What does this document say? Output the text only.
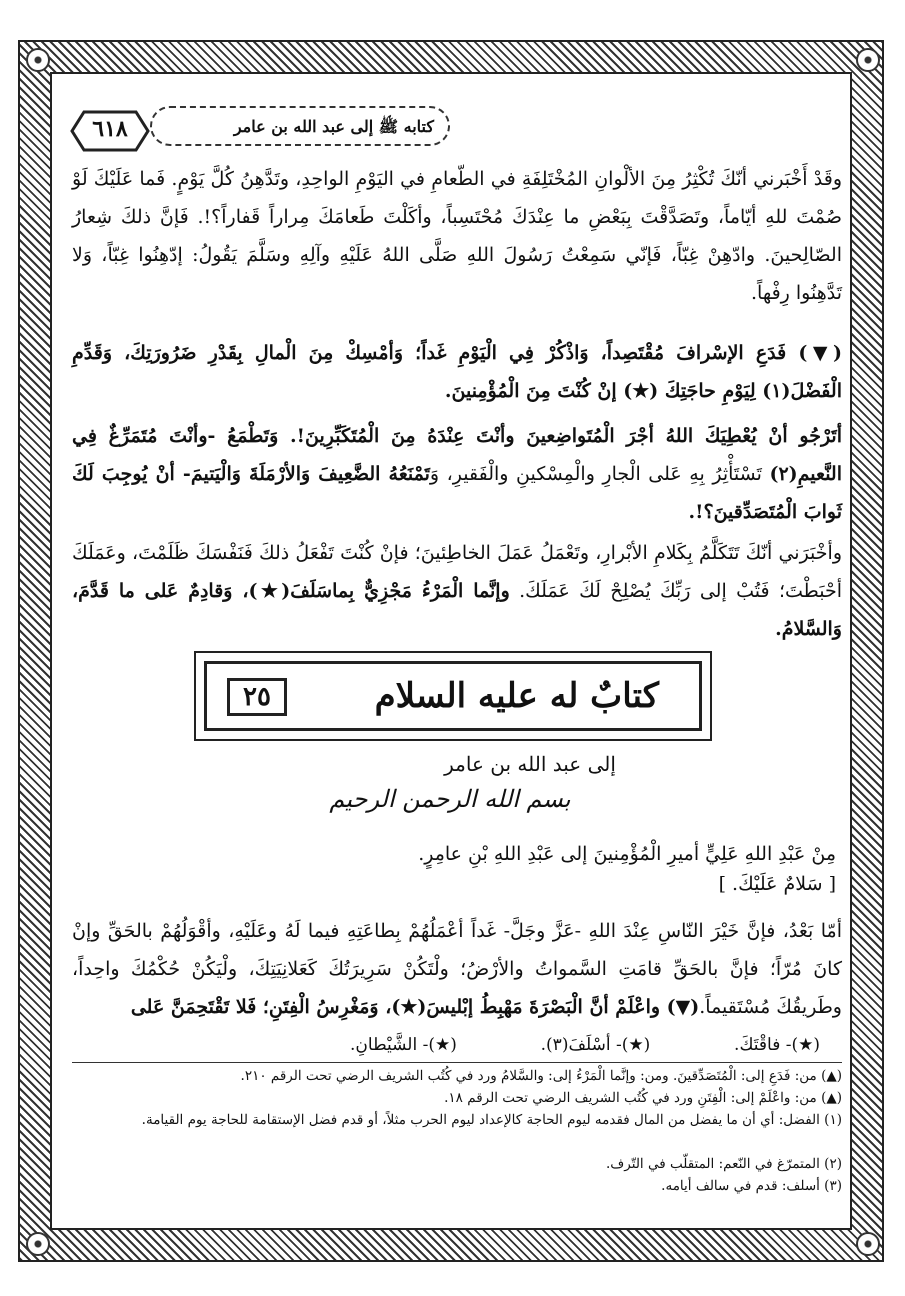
٦١٨	كتابه ﷺ إلى عبد الله بن عامر

وقَدْ أَخْبَرني أنّكَ تُكْثِرُ مِنَ الألْوانِ المُخْتَلِفَةِ في الطّعامِ في اليَوْمِ الواحِدِ، وتَدَّهِنُ كُلَّ يَوْمٍ. فَما عَلَيْكَ لَوْ صُمْتَ للهِ أيّاماً، وتَصَدَّقْتَ بِبَعْضِ ما عِنْدَكَ مُحْتَسِباً، وأكَلْتَ طَعامَكَ مِراراً قَفاراً؟!. فَإنَّ ذلكَ شِعارُ الصّالِحينَ. وادّهِنْ غِبّاً، فَإنّي سَمِعْتُ رَسُولَ اللهِ صَلَّى اللهُ عَلَيْهِ وآلِهِ وسَلَّمَ يَقُولُ: إدّهِنُوا غِبّاً، وَلا تَدَّهِنُوا رِفْهاً.

(▼) فَدَعِ الإسْرافَ مُقْتَصِداً، وَاذْكُرْ فِي الْيَوْمِ غَداً؛ وَأمْسِكْ مِنَ الْمالِ بِقَدْرِ ضَرُورَتِكَ، وَقَدِّمِ الْفَضْلَ(١) لِيَوْمِ حاجَتِكَ (★) إنْ كُنْتَ مِنَ الْمُؤْمِنينَ.

أتَرْجُو أنْ يُعْطِيَكَ اللهُ أجْرَ الْمُتَواضِعينَ وأنْتَ عِنْدَهُ مِنَ الْمُتَكَبِّرِينَ!. وَتَطْمَعُ -وأنْتَ مُتَمَرِّغٌ فِي النَّعيمِ(٢) تَسْتَأْثِرُ بِهِ عَلى الْجارِ والْمِسْكينِ والْفَقيرِ، وَتَمْنَعُهُ الضَّعِيفَ وَالأرْمَلَةَ وَالْيَتيمَ- أنْ يُوجِبَ لَكَ ثَوابَ الْمُتَصَدِّقينَ؟!.

وأخْبَرَني أنّكَ تَتَكَلَّمُ بِكَلامِ الأبْرارِ، وتَعْمَلُ عَمَلَ الخاطِئينَ؛ فإنْ كُنْتَ تَفْعَلُ ذلكَ فَنَفْسَكَ ظَلَمْتَ، وعَمَلَكَ أحْبَطْتَ؛ فَتُبْ إلى رَبِّكَ يُصْلِحْ لَكَ عَمَلَكَ. وإنَّما الْمَرْءُ مَجْزِيٌّ بِماسَلَفَ(★)، وَقادِمٌ عَلى ما قَدَّمَ، وَالسَّلامُ.

كتابٌ له عليه السلام
٢٥
إلى عبد الله بن عامر
بسم الله الرحمن الرحيم

مِنْ عَبْدِ اللهِ عَلِيٍّ أميرِ الْمُؤْمِنينَ إلى عَبْدِ اللهِ بْنِ عامِرٍ.

[ سَلامٌ عَلَيْكَ. ]

أمّا بَعْدُ، فإنَّ خَيْرَ النّاسِ عِنْدَ اللهِ -عَزَّ وجَلَّ- غَداً أعْمَلُهُمْ بِطاعَتِهِ فيما لَهُ وعَلَيْهِ، وأقْوَلُهُمْ بالحَقِّ وإنْ كانَ مُرّاً؛ فإنَّ بالحَقِّ قامَتِ السَّمواتُ والأرْضُ؛ ولْتَكُنْ سَرِيرَتُكَ كَعَلانِيَتِكَ، ولْيَكُنْ حُكْمُكَ واحِداً، وطَريقُكَ مُسْتَقيماً.(▼) واعْلَمْ أنَّ الْبَصْرَةَ مَهْبِطُ إبْليسَ(★)، وَمَغْرِسُ الْفِتَنِ؛ فَلا تَقْتَحِمَنَّ عَلى

(★)- فاقْتَكَ.
(★)- أسْلَفَ(٣).
(★)- الشَّيْطانِ.

(▲) من: فَدَعِ إلى: الْمُتَصَدِّقينَ. ومن: وإنَّما الْمَرْءُ إلى: والسَّلامُ ورد في كُتُب الشريف الرضي تحت الرقم ٢١٠.

(▲) من: واعْلَمْ إلى: الْفِتَنِ ورد في كُتُب الشريف الرضي تحت الرقم ١٨.

(١) الفضل: أي أن ما يفضل من المال فقدمه ليوم الحاجة كالإعداد ليوم الحرب مثلاً، أو قدم فضل الإستقامة للحاجة يوم القيامة.

(٢) المتمرّغ في النّعم: المتقلّب في التّرف.

(٣) أسلف: قدم في سالف أيامه.
